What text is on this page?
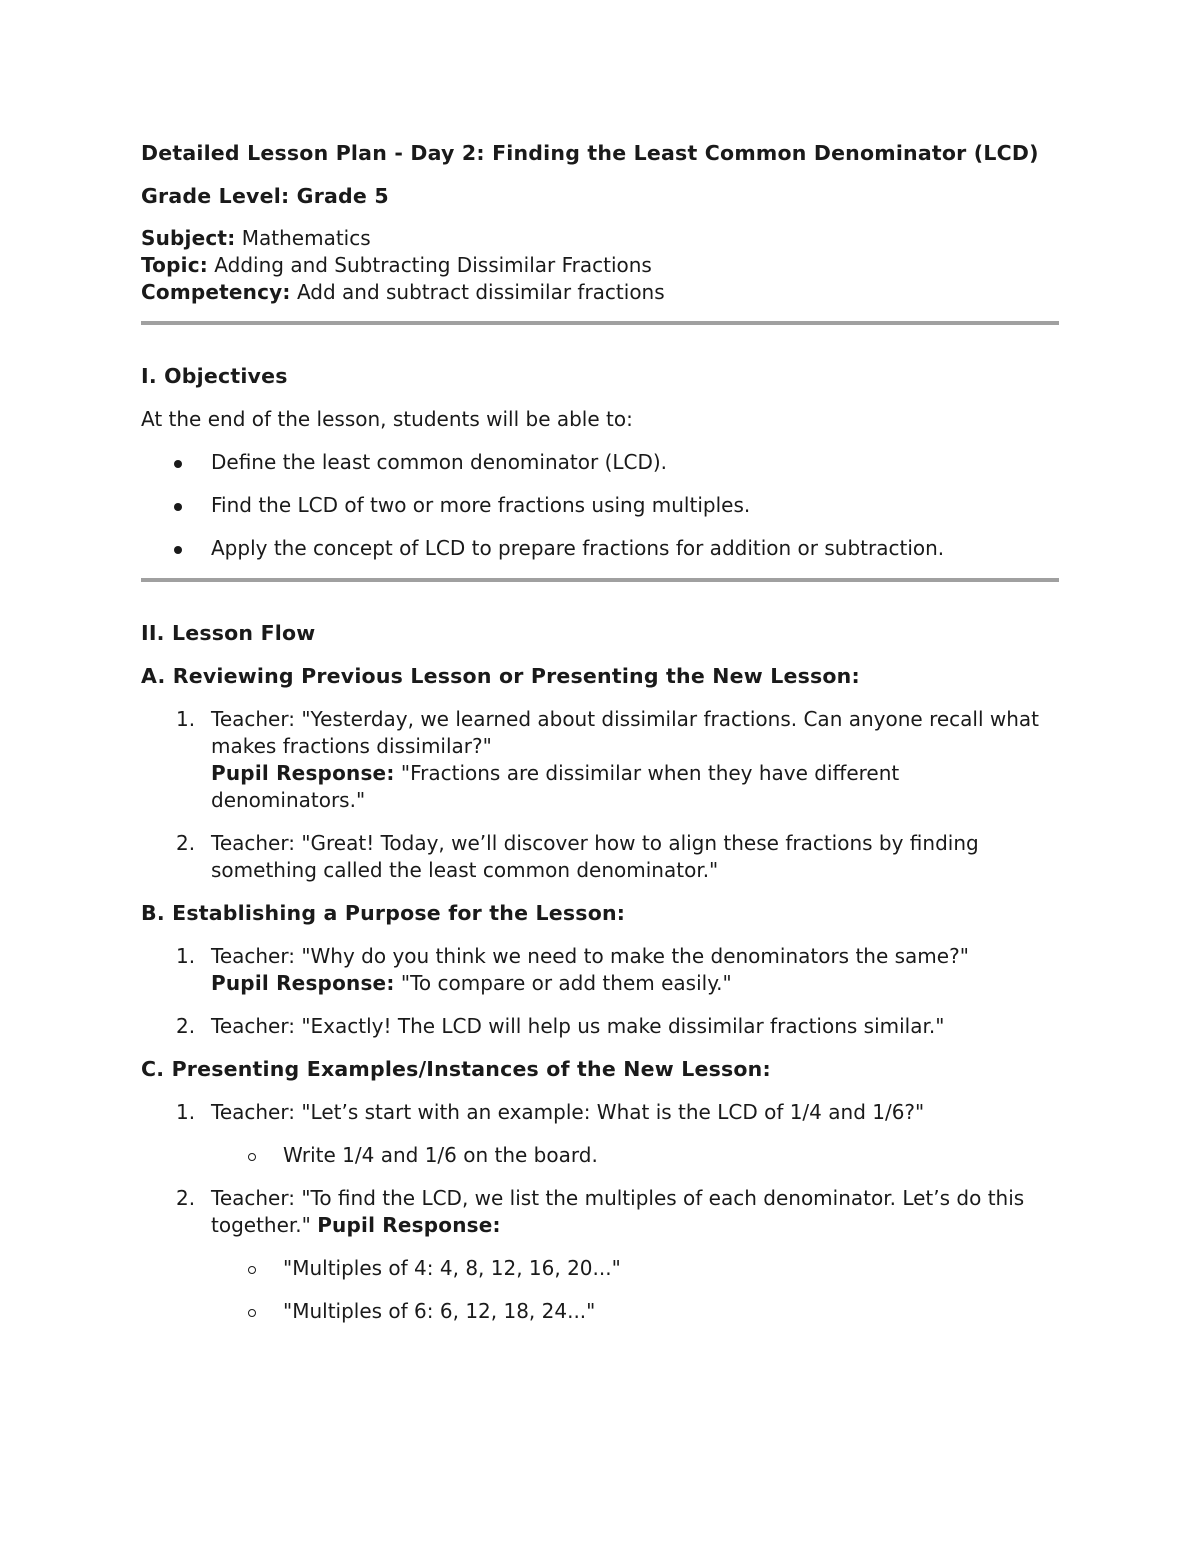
Detailed Lesson Plan - Day 2: Finding the Least Common Denominator (LCD)

Grade Level: Grade 5

Subject: Mathematics

Topic: Adding and Subtracting Dissimilar Fractions

Competency: Add and subtract dissimilar fractions

I. Objectives

At the end of the lesson, students will be able to:

Define the least common denominator (LCD).
Find the LCD of two or more fractions using multiples.
Apply the concept of LCD to prepare fractions for addition or subtraction.
II. Lesson Flow
A. Reviewing Previous Lesson or Presenting the New Lesson:
1. Teacher: "Yesterday, we learned about dissimilar fractions. Can anyone recall what makes fractions dissimilar?"
Pupil Response: "Fractions are dissimilar when they have different denominators."
2. Teacher: "Great! Today, we’ll discover how to align these fractions by finding something called the least common denominator."
B. Establishing a Purpose for the Lesson:
1. Teacher: "Why do you think we need to make the denominators the same?"
Pupil Response: "To compare or add them easily."
2. Teacher: "Exactly! The LCD will help us make dissimilar fractions similar."
C. Presenting Examples/Instances of the New Lesson:
1. Teacher: "Let’s start with an example: What is the LCD of 1/4 and 1/6?"
Write 1/4 and 1/6 on the board.
2. Teacher: "To find the LCD, we list the multiples of each denominator. Let’s do this together." Pupil Response:
"Multiples of 4: 4, 8, 12, 16, 20..."
"Multiples of 6: 6, 12, 18, 24..."
